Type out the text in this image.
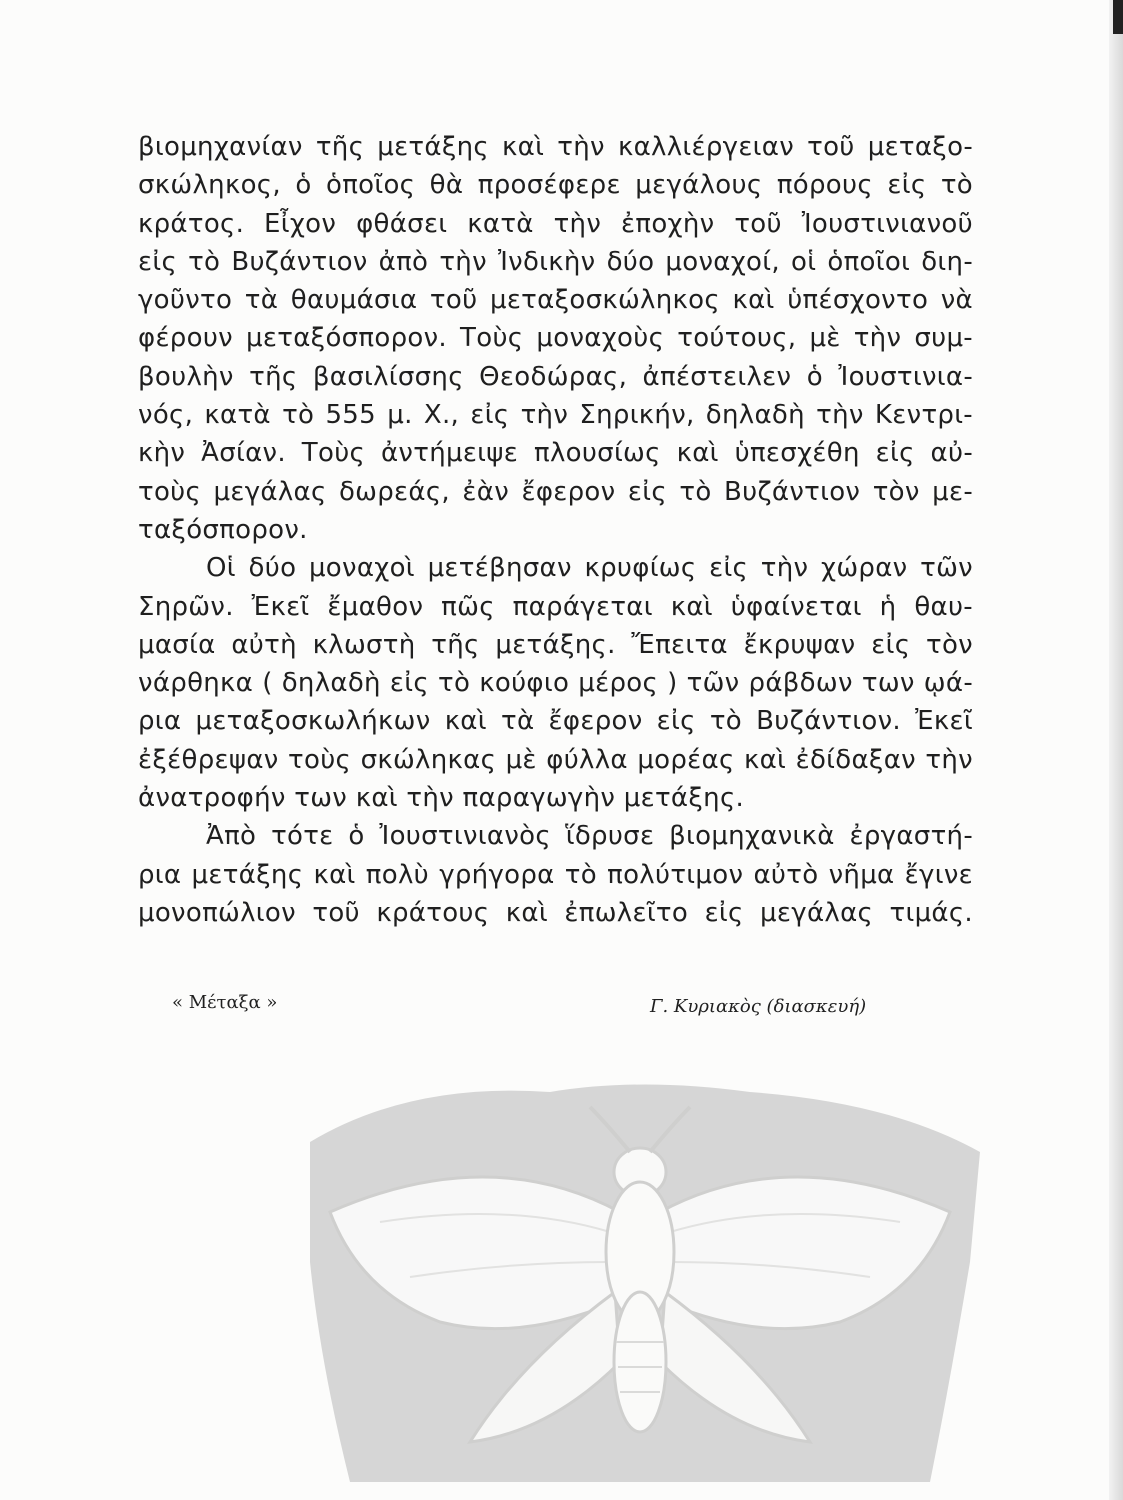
βιομηχανίαν τῆς μετάξης καὶ τὴν καλλιέργειαν τοῦ μεταξο-
σκώληκος, ὁ ὁποῖος θὰ προσέφερε μεγάλους πόρους εἰς τὸ
κράτος. Εἶχον φθάσει κατὰ τὴν ἐποχὴν τοῦ Ἰουστινιανοῦ
εἰς τὸ Βυζάντιον ἀπὸ τὴν Ἰνδικὴν δύο μοναχοί, οἱ ὁποῖοι διη-
γοῦντο τὰ θαυμάσια τοῦ μεταξοσκώληκος καὶ ὑπέσχοντο νὰ
φέρουν μεταξόσπορον. Τοὺς μοναχοὺς τούτους, μὲ τὴν συμ-
βουλὴν τῆς βασιλίσσης Θεοδώρας, ἀπέστειλεν ὁ Ἰουστινια-
νός, κατὰ τὸ 555 μ. Χ., εἰς τὴν Σηρικήν, δηλαδὴ τὴν Κεντρι-
κὴν Ἀσίαν. Τοὺς ἀντήμειψε πλουσίως καὶ ὑπεσχέθη εἰς αὐ-
τοὺς μεγάλας δωρεάς, ἐὰν ἔφερον εἰς τὸ Βυζάντιον τὸν με-
ταξόσπορον.
Οἱ δύο μοναχοὶ μετέβησαν κρυφίως εἰς τὴν χώραν τῶν
Σηρῶν. Ἐκεῖ ἔμαθον πῶς παράγεται καὶ ὑφαίνεται ἡ θαυ-
μασία αὐτὴ κλωστὴ τῆς μετάξης. Ἔπειτα ἔκρυψαν εἰς τὸν
νάρθηκα ( δηλαδὴ εἰς τὸ κούφιο μέρος ) τῶν ράβδων των ῳά-
ρια μεταξοσκωλήκων καὶ τὰ ἔφερον εἰς τὸ Βυζάντιον. Ἐκεῖ
ἐξέθρεψαν τοὺς σκώληκας μὲ φύλλα μορέας καὶ ἐδίδαξαν τὴν
ἀνατροφήν των καὶ τὴν παραγωγὴν μετάξης.
Ἀπὸ τότε ὁ Ἰουστινιανὸς ἵδρυσε βιομηχανικὰ ἐργαστή-
ρια μετάξης καὶ πολὺ γρήγορα τὸ πολύτιμον αὐτὸ νῆμα ἔγινε
μονοπώλιον τοῦ κράτους καὶ ἐπωλεῖτο εἰς μεγάλας τιμάς.
« Μέταξα »	Γ. Κυριακὸς (διασκευή)
